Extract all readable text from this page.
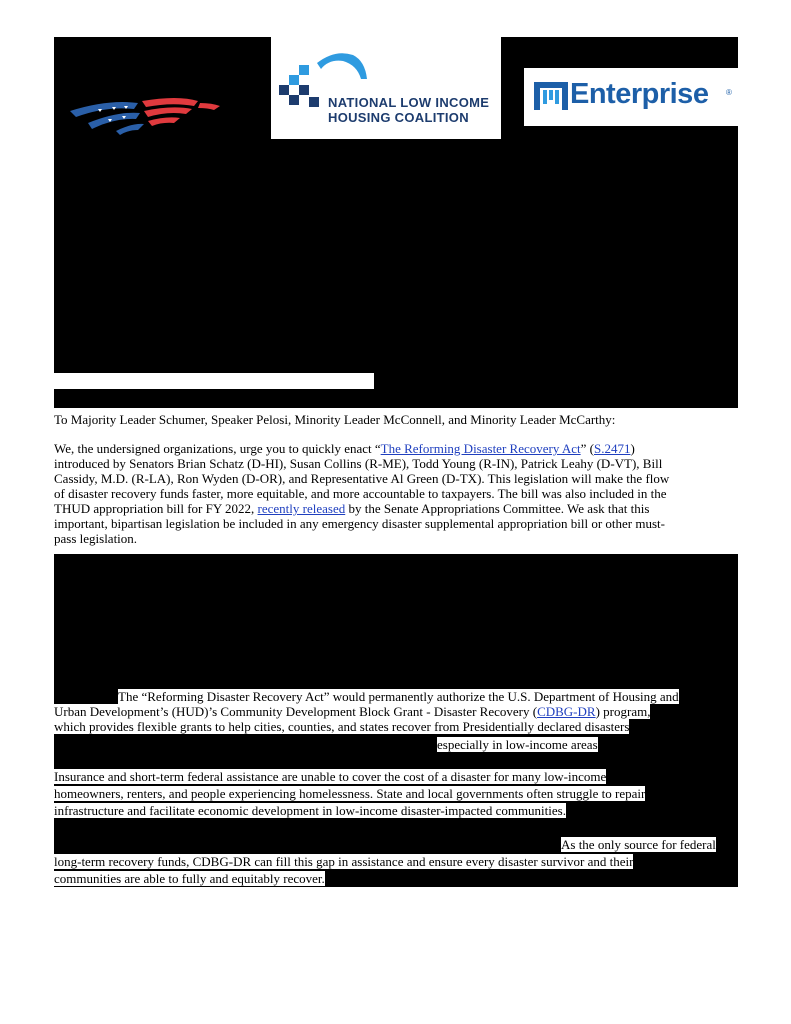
NATIONAL LOW INCOME
HOUSING COALITION
Enterprise ®

To Majority Leader Schumer, Speaker Pelosi, Minority Leader McConnell, and Minority Leader McCarthy:

We, the undersigned organizations, urge you to quickly enact “The Reforming Disaster Recovery Act” (S.2471)

introduced by Senators Brian Schatz (D-HI), Susan Collins (R-ME), Todd Young (R-IN), Patrick Leahy (D-VT), Bill

Cassidy, M.D. (R-LA), Ron Wyden (D-OR), and Representative Al Green (D-TX). This legislation will make the flow

of disaster recovery funds faster, more equitable, and more accountable to taxpayers. The bill was also included in the

THUD appropriation bill for FY 2022, recently released by the Senate Appropriations Committee. We ask that this

important, bipartisan legislation be included in any emergency disaster supplemental appropriation bill or other must-

pass legislation.

The “Reforming Disaster Recovery Act” would permanently authorize the U.S. Department of Housing and

Urban Development’s (HUD)’s Community Development Block Grant - Disaster Recovery (CDBG-DR) program,

which provides flexible grants to help cities, counties, and states recover from Presidentially declared disasters

especially in low-income areas

Insurance and short-term federal assistance are unable to cover the cost of a disaster for many low-income

homeowners, renters, and people experiencing homelessness. State and local governments often struggle to repair

infrastructure and facilitate economic development in low-income disaster-impacted communities.

As the only source for federal

long-term recovery funds, CDBG-DR can fill this gap in assistance and ensure every disaster survivor and their

communities are able to fully and equitably recover.
